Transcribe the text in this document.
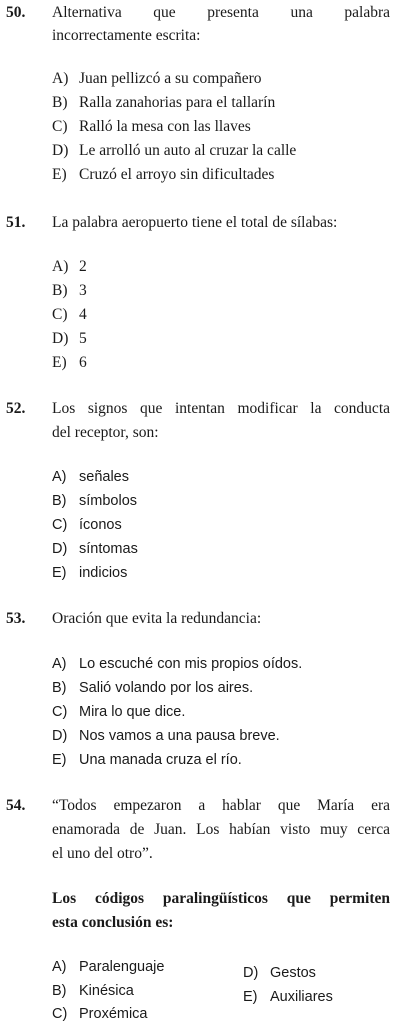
50. Alternativa que presenta una palabra
incorrectamente escrita:
A) Juan pellizcó a su compañero
B) Ralla zanahorias para el tallarín
C) Ralló la mesa con las llaves
D) Le arrolló un auto al cruzar la calle
E) Cruzó el arroyo sin dificultades
51. La palabra aeropuerto tiene el total de sílabas:
A) 2
B) 3
C) 4
D) 5
E) 6
52. Los signos que intentan modificar la conducta
del receptor, son:
A) señales
B) símbolos
C) íconos
D) síntomas
E) indicios
53. Oración que evita la redundancia:
A) Lo escuché con mis propios oídos.
B) Salió volando por los aires.
C) Mira lo que dice.
D) Nos vamos a una pausa breve.
E) Una manada cruza el río.
54. “Todos empezaron a hablar que María era
enamorada de Juan. Los habían visto muy cerca
el uno del otro”.
Los códigos paralingüísticos que permiten
esta conclusión es:
A) Paralenguaje
B) Kinésica
C) Proxémica
D) Gestos
E) Auxiliares
